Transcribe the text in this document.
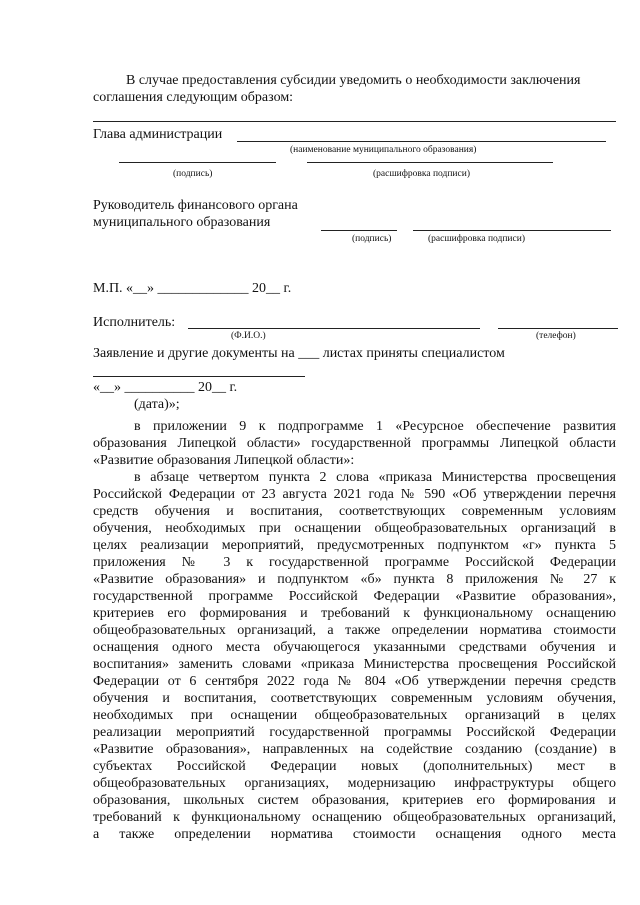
В случае предоставления субсидии уведомить о необходимости заключения
соглашения следующим образом:
Глава администрации
(наименование муниципального образования)
(подпись)	(расшифровка подписи)
Руководитель финансового органа
муниципального образования
(подпись)	(расшифровка подписи)
М.П. «__» _____________ 20__ г.
Исполнитель:
(Ф.И.О.)	(телефон)
Заявление и другие документы на ___ листах приняты специалистом
«__» __________ 20__ г.
(дата)»;
в приложении 9 к подпрограмме 1 «Ресурсное обеспечение развития
образования Липецкой области» государственной программы Липецкой области
в абзаце четвертом пункта 2 слова «приказа Министерства просвещения
Российской Федерации от 23 августа 2021 года № 590 «Об утверждении перечня
средств обучения и воспитания, соответствующих современным условиям
обучения, необходимых при оснащении общеобразовательных организаций в
целях реализации мероприятий, предусмотренных подпунктом «г» пункта 5
приложения № 3 к государственной программе Российской Федерации
«Развитие образования» и подпунктом «б» пункта 8 приложения № 27 к
государственной программе Российской Федерации «Развитие образования»,
критериев его формирования и требований к функциональному оснащению
общеобразовательных организаций, а также определении норматива стоимости
оснащения одного места обучающегося указанными средствами обучения и
воспитания» заменить словами «приказа Министерства просвещения Российской
Федерации от 6 сентября 2022 года № 804 «Об утверждении перечня средств
обучения и воспитания, соответствующих современным условиям обучения,
необходимых при оснащении общеобразовательных организаций в целях
реализации мероприятий государственной программы Российской Федерации
«Развитие образования», направленных на содействие созданию (создание) в
субъектах Российской Федерации новых (дополнительных) мест в
общеобразовательных организациях, модернизацию инфраструктуры общего
образования, школьных систем образования, критериев его формирования и
требований к функциональному оснащению общеобразовательных организаций,
а также определении норматива стоимости оснащения одного места
«Развитие образования Липецкой области»:
